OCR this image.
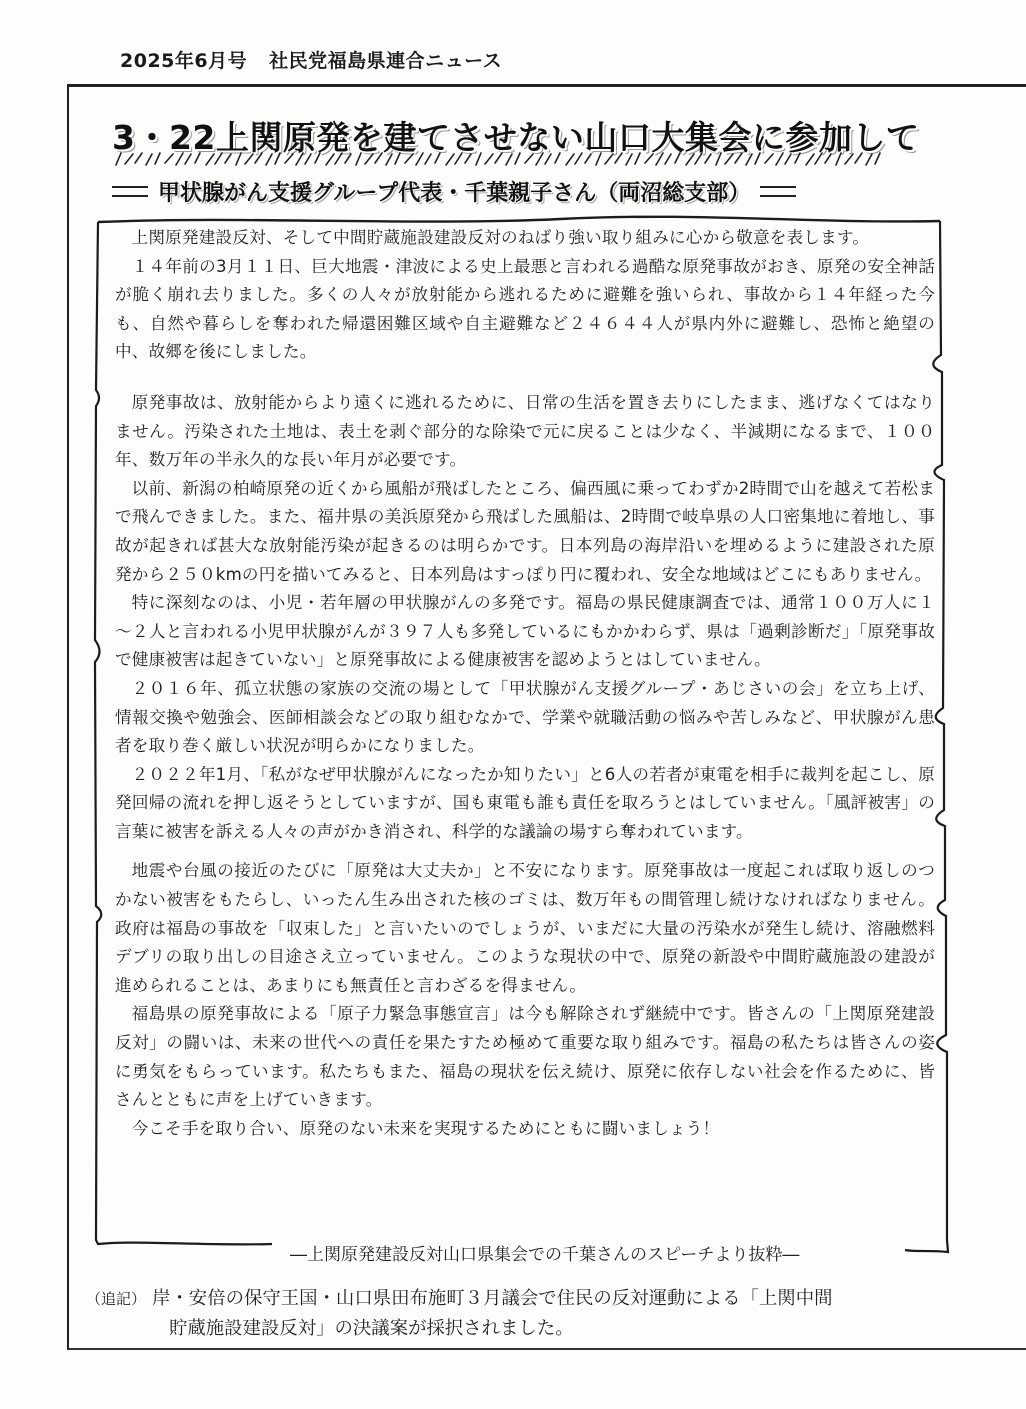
2025年6月号 社民党福島県連合ニュース
3・22上関原発を建てさせない山口大集会に参加して
甲状腺がん支援グループ代表・千葉親子さん（両沼総支部）

上関原発建設反対、そして中間貯蔵施設建設反対のねばり強い取り組みに心から敬意を表します。

１４年前の3月１１日、巨大地震・津波による史上最悪と言われる過酷な原発事故がおき、原発の安全神話が脆く崩れ去りました。多くの人々が放射能から逃れるために避難を強いられ、事故から１４年経った今も、自然や暮らしを奪われた帰還困難区域や自主避難など２４６４４人が県内外に避難し、恐怖と絶望の中、故郷を後にしました。

原発事故は、放射能からより遠くに逃れるために、日常の生活を置き去りにしたまま、逃げなくてはなりません。汚染された土地は、表土を剥ぐ部分的な除染で元に戻ることは少なく、半減期になるまで、１００年、数万年の半永久的な長い年月が必要です。

以前、新潟の柏崎原発の近くから風船が飛ばしたところ、偏西風に乗ってわずか2時間で山を越えて若松まで飛んできました。また、福井県の美浜原発から飛ばした風船は、2時間で岐阜県の人口密集地に着地し、事故が起きれば甚大な放射能汚染が起きるのは明らかです。日本列島の海岸沿いを埋めるように建設された原発から２５０kmの円を描いてみると、日本列島はすっぽり円に覆われ、安全な地域はどこにもありません。

特に深刻なのは、小児・若年層の甲状腺がんの多発です。福島の県民健康調査では、通常１００万人に１～２人と言われる小児甲状腺がんが３９７人も多発しているにもかかわらず、県は「過剰診断だ」「原発事故で健康被害は起きていない」と原発事故による健康被害を認めようとはしていません。

２０１６年、孤立状態の家族の交流の場として「甲状腺がん支援グループ・あじさいの会」を立ち上げ、情報交換や勉強会、医師相談会などの取り組むなかで、学業や就職活動の悩みや苦しみなど、甲状腺がん患者を取り巻く厳しい状況が明らかになりました。

２０２２年1月、「私がなぜ甲状腺がんになったか知りたい」と6人の若者が東電を相手に裁判を起こし、原発回帰の流れを押し返そうとしていますが、国も東電も誰も責任を取ろうとはしていません。「風評被害」の言葉に被害を訴える人々の声がかき消され、科学的な議論の場すら奪われています。

地震や台風の接近のたびに「原発は大丈夫か」と不安になります。原発事故は一度起これば取り返しのつかない被害をもたらし、いったん生み出された核のゴミは、数万年もの間管理し続けなければなりません。政府は福島の事故を「収束した」と言いたいのでしょうが、いまだに大量の汚染水が発生し続け、溶融燃料デブリの取り出しの目途さえ立っていません。このような現状の中で、原発の新設や中間貯蔵施設の建設が進められることは、あまりにも無責任と言わざるを得ません。

福島県の原発事故による「原子力緊急事態宣言」は今も解除されず継続中です。皆さんの「上関原発建設反対」の闘いは、未来の世代への責任を果たすため極めて重要な取り組みです。福島の私たちは皆さんの姿に勇気をもらっています。私たちもまた、福島の現状を伝え続け、原発に依存しない社会を作るために、皆さんとともに声を上げていきます。

今こそ手を取り合い、原発のない未来を実現するためにともに闘いましょう！

―上関原発建設反対山口県集会での千葉さんのスピーチより抜粋―
（追記） 岸・安倍の保守王国・山口県田布施町３月議会で住民の反対運動による「上関中間
貯蔵施設建設反対」の決議案が採択されました。
